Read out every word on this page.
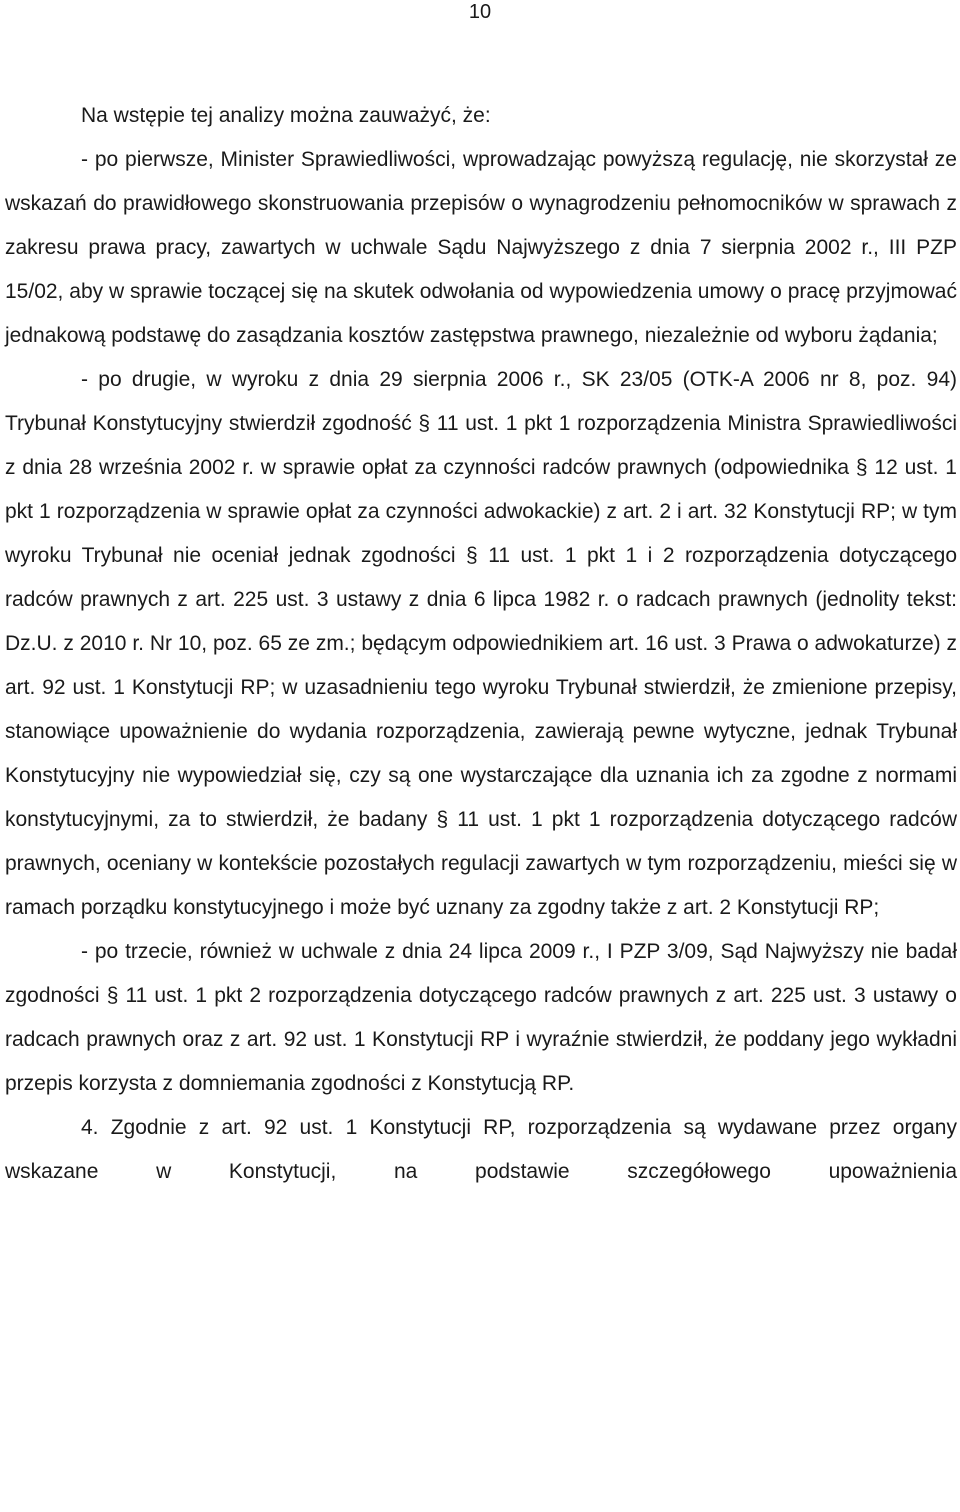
10

Na wstępie tej analizy można zauważyć, że:

- po pierwsze, Minister Sprawiedliwości, wprowadzając powyższą regulację, nie skorzystał ze wskazań do prawidłowego skonstruowania przepisów o wynagrodzeniu pełnomocników w sprawach z zakresu prawa pracy, zawartych w uchwale Sądu Najwyższego z dnia 7 sierpnia 2002 r., III PZP 15/02, aby w sprawie toczącej się na skutek odwołania od wypowiedzenia umowy o pracę przyjmować jednakową podstawę do zasądzania kosztów zastępstwa prawnego, niezależnie od wyboru żądania;

- po drugie, w wyroku z dnia 29 sierpnia 2006 r., SK 23/05 (OTK-A 2006 nr 8, poz. 94) Trybunał Konstytucyjny stwierdził zgodność § 11 ust. 1 pkt 1 rozporządzenia Ministra Sprawiedliwości z dnia 28 września 2002 r. w sprawie opłat za czynności radców prawnych (odpowiednika § 12 ust. 1 pkt 1 rozporządzenia w sprawie opłat za czynności adwokackie) z art. 2 i art. 32 Konstytucji RP; w tym wyroku Trybunał nie oceniał jednak zgodności § 11 ust. 1 pkt 1 i 2 rozporządzenia dotyczącego radców prawnych z art. 225 ust. 3 ustawy z dnia 6 lipca 1982 r. o radcach prawnych (jednolity tekst: Dz.U. z 2010 r. Nr 10, poz. 65 ze zm.; będącym odpowiednikiem art. 16 ust. 3 Prawa o adwokaturze) z art. 92 ust. 1 Konstytucji RP; w uzasadnieniu tego wyroku Trybunał stwierdził, że zmienione przepisy, stanowiące upoważnienie do wydania rozporządzenia, zawierają pewne wytyczne, jednak Trybunał Konstytucyjny nie wypowiedział się, czy są one wystarczające dla uznania ich za zgodne z normami konstytucyjnymi, za to stwierdził, że badany § 11 ust. 1 pkt 1 rozporządzenia dotyczącego radców prawnych, oceniany w kontekście pozostałych regulacji zawartych w tym rozporządzeniu, mieści się w ramach porządku konstytucyjnego i może być uznany za zgodny także z art. 2 Konstytucji RP;

- po trzecie, również w uchwale z dnia 24 lipca 2009 r., I PZP 3/09, Sąd Najwyższy nie badał zgodności § 11 ust. 1 pkt 2 rozporządzenia dotyczącego radców prawnych z art. 225 ust. 3 ustawy o radcach prawnych oraz z art. 92 ust. 1 Konstytucji RP i wyraźnie stwierdził, że poddany jego wykładni przepis korzysta z domniemania zgodności z Konstytucją RP.

4. Zgodnie z art. 92 ust. 1 Konstytucji RP, rozporządzenia są wydawane przez organy wskazane w Konstytucji, na podstawie szczegółowego upoważnienia
